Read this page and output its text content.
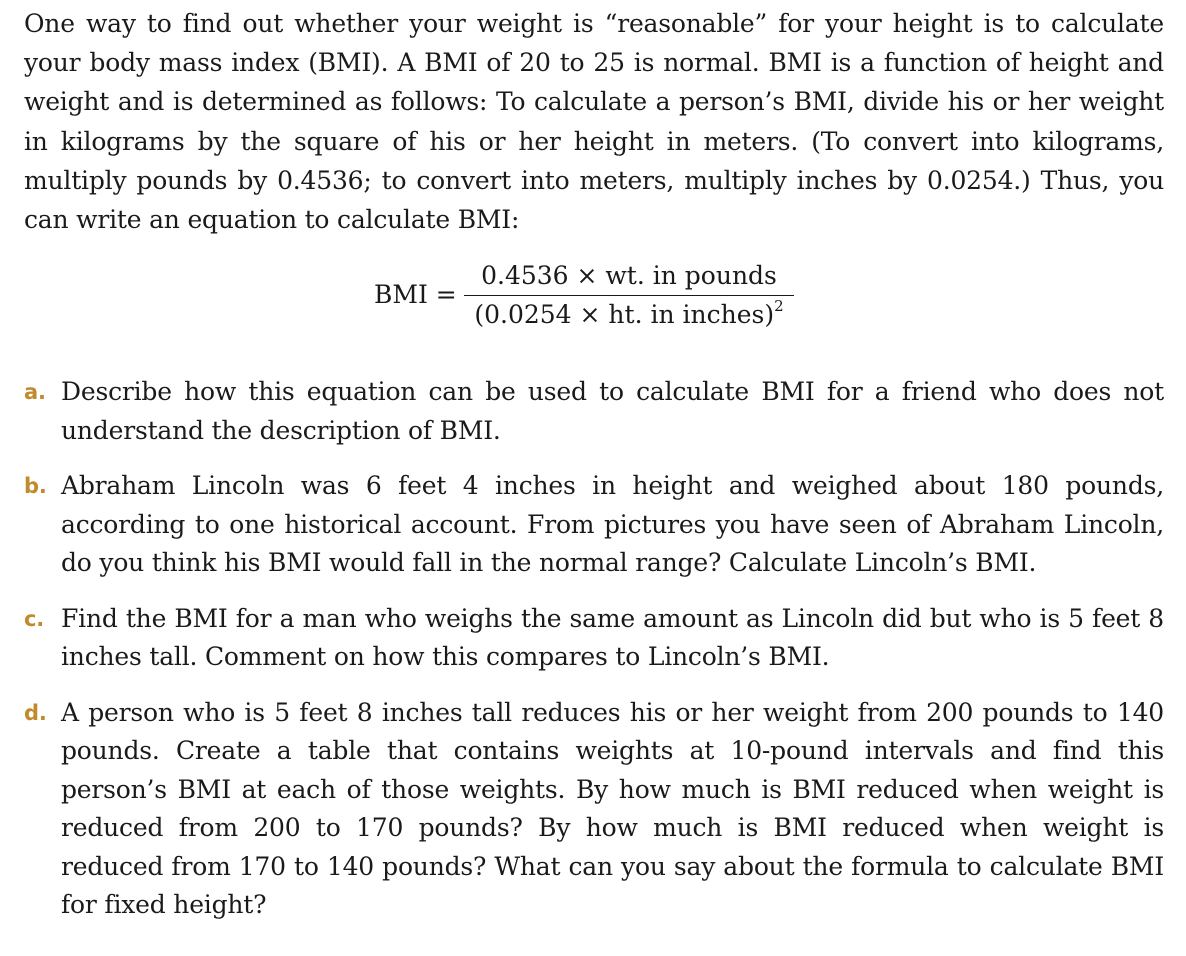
One way to find out whether your weight is “reasonable” for your height is to calculate your body mass index (BMI). A BMI of 20 to 25 is normal. BMI is a function of height and weight and is determined as follows: To calculate a person’s BMI, divide his or her weight in kilograms by the square of his or her height in meters. (To convert into kilograms, multiply pounds by 0.4536; to convert into meters, multiply inches by 0.0254.) Thus, you can write an equation to calculate BMI:

BMI =
0.4536 × wt. in pounds
(0.0254 × ht. in inches)$^2$
a. Describe how this equation can be used to calculate BMI for a friend who does not understand the description of BMI.
b. Abraham Lincoln was 6 feet 4 inches in height and weighed about 180 pounds, according to one historical account. From pictures you have seen of Abraham Lincoln, do you think his BMI would fall in the normal range? Calculate Lincoln’s BMI.
c. Find the BMI for a man who weighs the same amount as Lincoln did but who is 5 feet 8 inches tall. Comment on how this compares to Lincoln’s BMI.
d. A person who is 5 feet 8 inches tall reduces his or her weight from 200 pounds to 140 pounds. Create a table that contains weights at 10-pound intervals and find this person’s BMI at each of those weights. By how much is BMI reduced when weight is reduced from 200 to 170 pounds? By how much is BMI reduced when weight is reduced from 170 to 140 pounds? What can you say about the formula to calculate BMI for fixed height?
